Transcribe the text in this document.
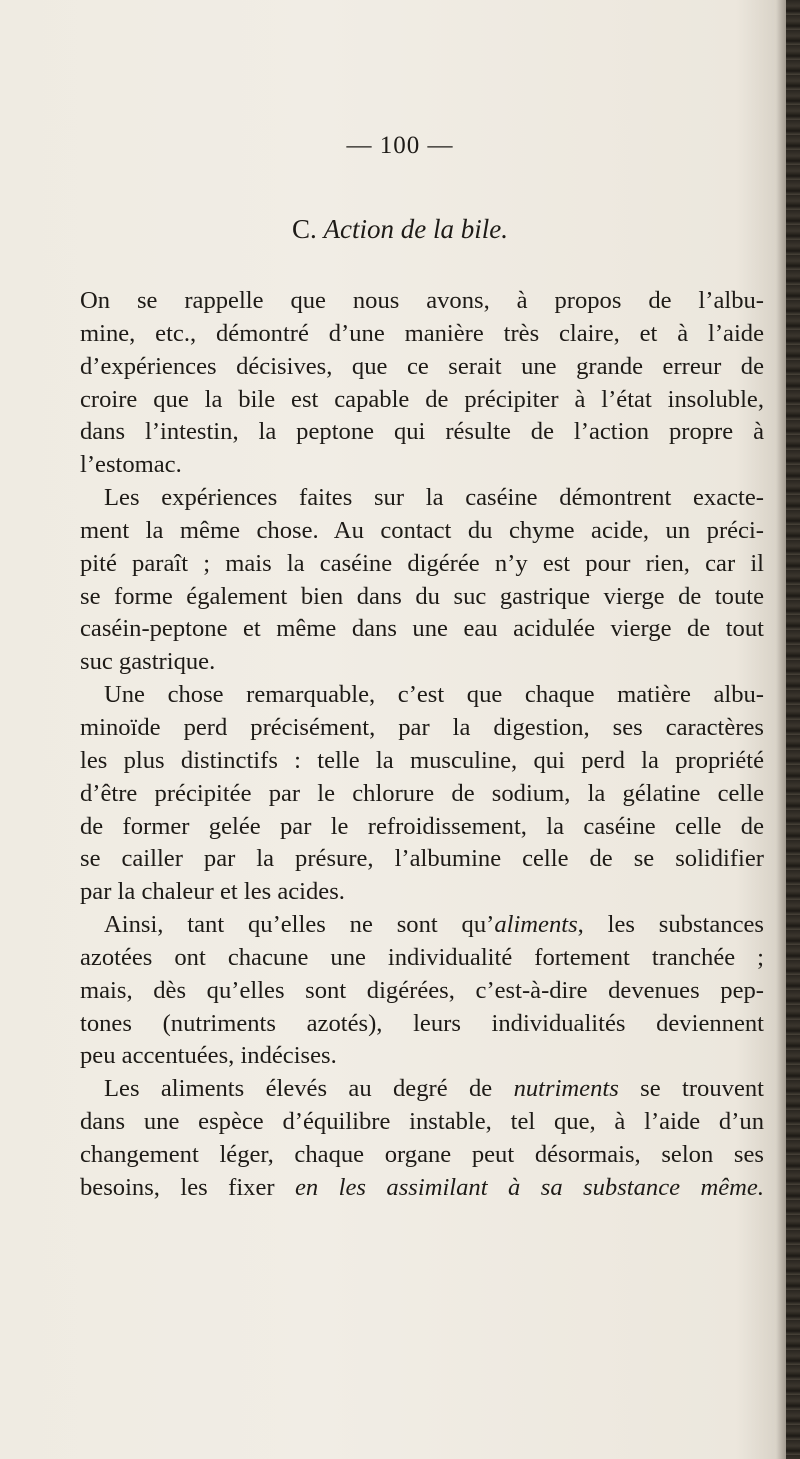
— 100 —
C. Action de la bile.
On se rappelle que nous avons, à propos de l’albu-
mine, etc., démontré d’une manière très claire, et à l’aide
d’expériences décisives, que ce serait une grande erreur de
croire que la bile est capable de précipiter à l’état insoluble,
dans l’intestin, la peptone qui résulte de l’action propre à
l’estomac.
Les expériences faites sur la caséine démontrent exacte-
ment la même chose. Au contact du chyme acide, un préci-
pité paraît ; mais la caséine digérée n’y est pour rien, car il
se forme également bien dans du suc gastrique vierge de toute
caséin-peptone et même dans une eau acidulée vierge de tout
suc gastrique.
Une chose remarquable, c’est que chaque matière albu-
minoïde perd précisément, par la digestion, ses caractères
les plus distinctifs : telle la musculine, qui perd la propriété
d’être précipitée par le chlorure de sodium, la gélatine celle
de former gelée par le refroidissement, la caséine celle de
se cailler par la présure, l’albumine celle de se solidifier
par la chaleur et les acides.
Ainsi, tant qu’elles ne sont qu’aliments, les substances
azotées ont chacune une individualité fortement tranchée ;
mais, dès qu’elles sont digérées, c’est-à-dire devenues pep-
tones (nutriments azotés), leurs individualités deviennent
peu accentuées, indécises.
Les aliments élevés au degré de nutriments se trouvent
dans une espèce d’équilibre instable, tel que, à l’aide d’un
changement léger, chaque organe peut désormais, selon ses
besoins, les fixer en les assimilant à sa substance même.
